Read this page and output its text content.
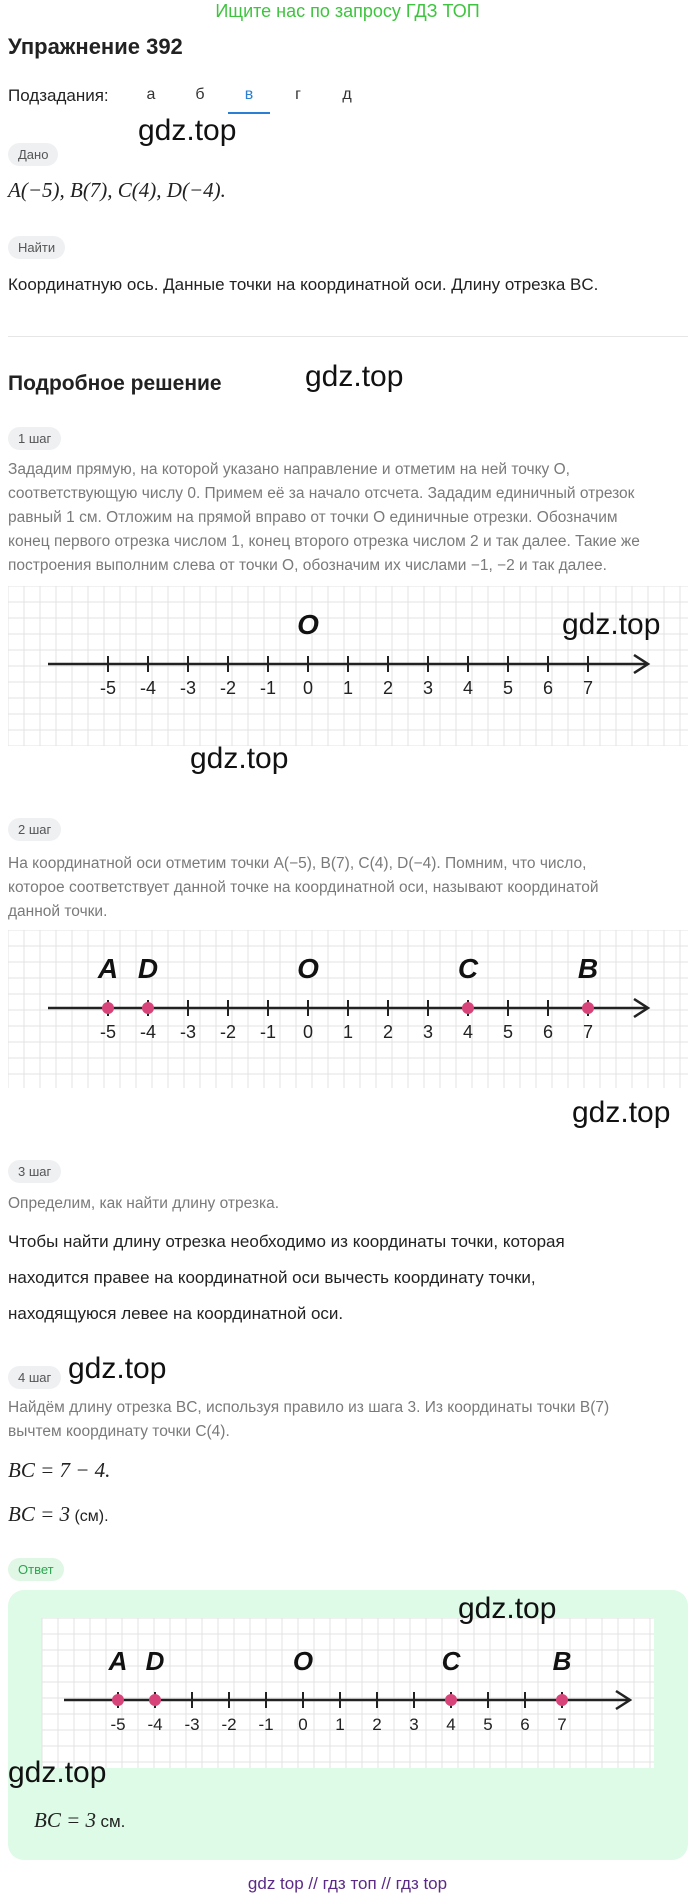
Ищите нас по запросу ГДЗ ТОП
Упражнение 392
Подзадания:	а	б	в	г	д
gdz.top
Дано
A(−5), B(7), C(4), D(−4).
Найти
Координатную ось. Данные точки на координатной оси. Длину отрезка BC.
Подробное решение	gdz.top
1 шаг
Зададим прямую, на которой указано направление и отметим на ней точку O,
соответствующую числу 0. Примем её за начало отсчета. Зададим единичный отрезок
равный 1 см. Отложим на прямой вправо от точки O единичные отрезки. Обозначим
конец первого отрезка числом 1, конец второго отрезка числом 2 и так далее. Такие же
построения выполним слева от точки O, обозначим их числами −1, −2 и так далее.
-5 -4 -3 -2 -1 0 1 2 3 4 5 6 7
O	gdz.top
gdz.top
2 шаг
На координатной оси отметим точки A(−5), B(7), C(4), D(−4). Помним, что число,
которое соответствует данной точке на координатной оси, называют координатой
данной точки.
-5 -4 -3 -2 -1 0 1 2 3 4 5 6 7
O
A D	C	B
gdz.top
3 шаг
Определим, как найти длину отрезка.
Чтобы найти длину отрезка необходимо из координаты точки, которая
находится правее на координатной оси вычесть координату точки,
находящуюся левее на координатной оси.
4 шаг gdz.top
Найдём длину отрезка BC, используя правило из шага 3. Из координаты точки B(7)
вычтем координату точки C(4).
BC = 7 − 4.
BC = 3 (см).
Ответ
-5 -4 -3 -2 -1 0 1 2 3 4 5 6 7
O
A D	C	B
gdz.top
gdz.top
BC = 3 см.
gdz top // гдз топ // гдз top
